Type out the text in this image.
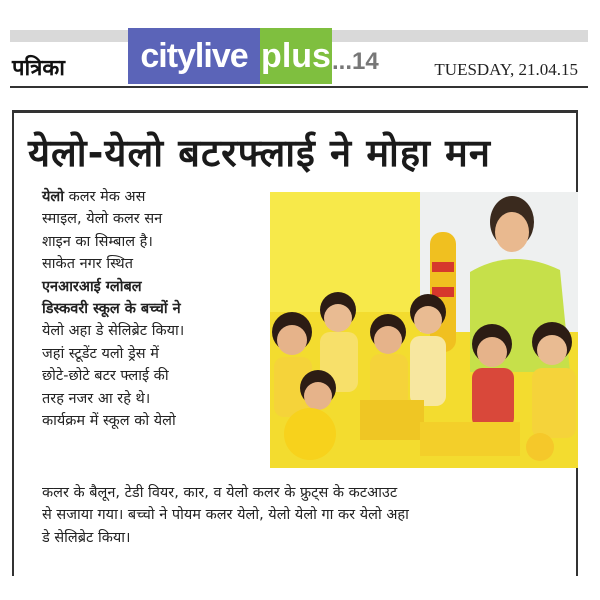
पत्रिका	citylive plus ...14	TUESDAY, 21.04.15
येलो-येलो बटरफ्लाई ने मोहा मन
येलो कलर मेक अस
स्माइल, येलो कलर सन
शाइन का सिम्बाल है।
साकेत नगर स्थित
एनआरआई ग्लोबल
डिस्कवरी स्कूल के बच्चों ने
येलो अहा डे सेलिब्रेट किया।
जहां स्टूडेंट यलो ड्रेस में
छोटे-छोटे बटर फ्लाई की
तरह नजर आ रहे थे।
कार्यक्रम में स्कूल को येलो
कलर के बैलून, टेडी वियर, कार, व येलो कलर के फ्रुट्स के कटआउट
से सजाया गया। बच्चो ने पोयम कलर येलो, येलो येलो गा कर येलो अहा
डे सेलिब्रेट किया।
